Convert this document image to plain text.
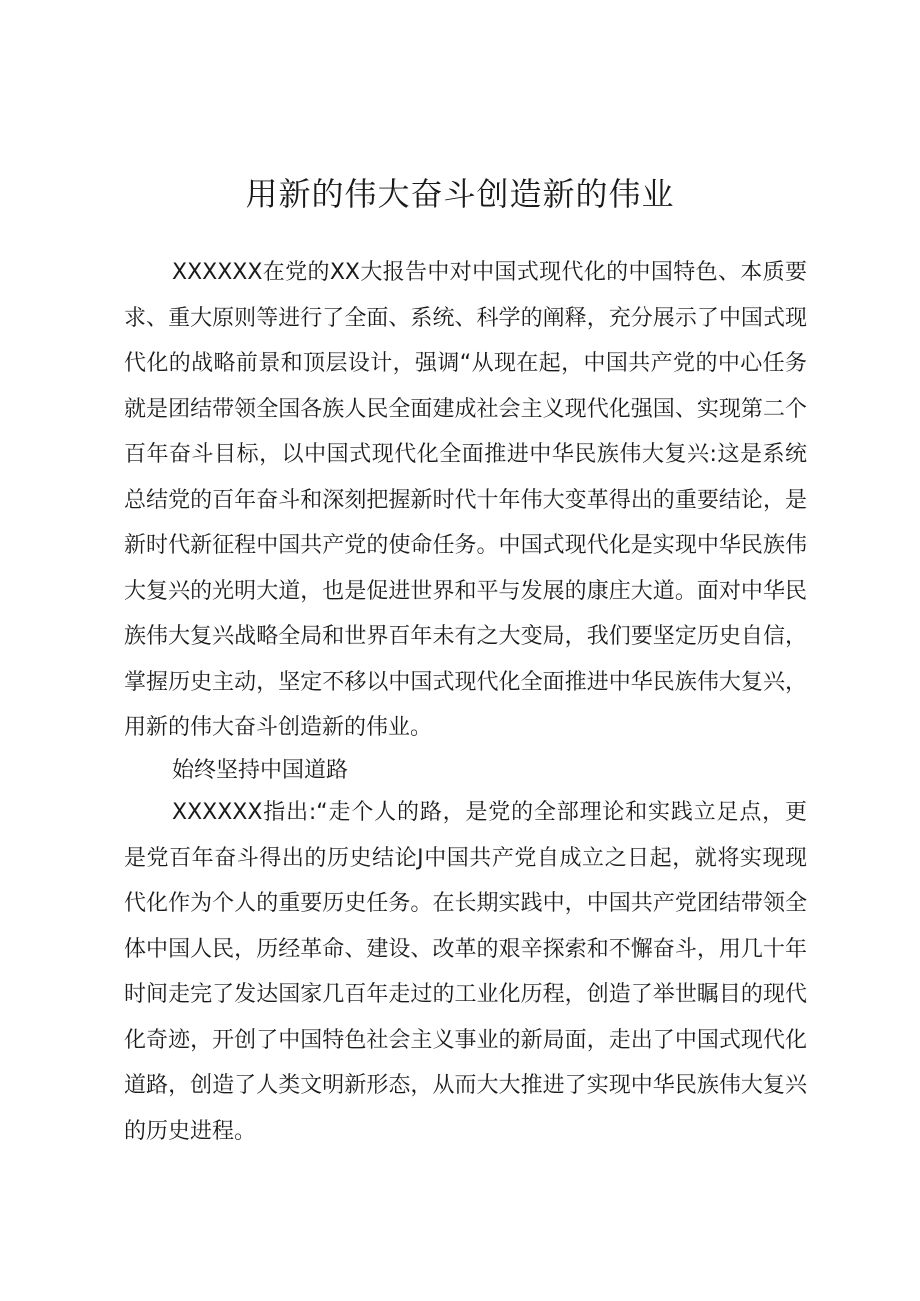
用新的伟大奋斗创造新的伟业

XXXXXX在党的XX大报告中对中国式现代化的中国特色、本质要求、重大原则等进行了全面、系统、科学的阐释，充分展示了中国式现代化的战略前景和顶层设计，强调“从现在起，中国共产党的中心任务就是团结带领全国各族人民全面建成社会主义现代化强国、实现第二个百年奋斗目标，以中国式现代化全面推进中华民族伟大复兴:这是系统总结党的百年奋斗和深刻把握新时代十年伟大变革得出的重要结论，是新时代新征程中国共产党的使命任务。中国式现代化是实现中华民族伟大复兴的光明大道，也是促进世界和平与发展的康庄大道。面对中华民族伟大复兴战略全局和世界百年未有之大变局，我们要坚定历史自信，掌握历史主动，坚定不移以中国式现代化全面推进中华民族伟大复兴，用新的伟大奋斗创造新的伟业。

始终坚持中国道路

XXXXXX指出:“走个人的路，是党的全部理论和实践立足点，更是党百年奋斗得出的历史结论J中国共产党自成立之日起，就将实现现代化作为个人的重要历史任务。在长期实践中，中国共产党团结带领全体中国人民，历经革命、建设、改革的艰辛探索和不懈奋斗，用几十年时间走完了发达国家几百年走过的工业化历程，创造了举世瞩目的现代化奇迹，开创了中国特色社会主义事业的新局面，走出了中国式现代化道路，创造了人类文明新形态，从而大大推进了实现中华民族伟大复兴的历史进程。
